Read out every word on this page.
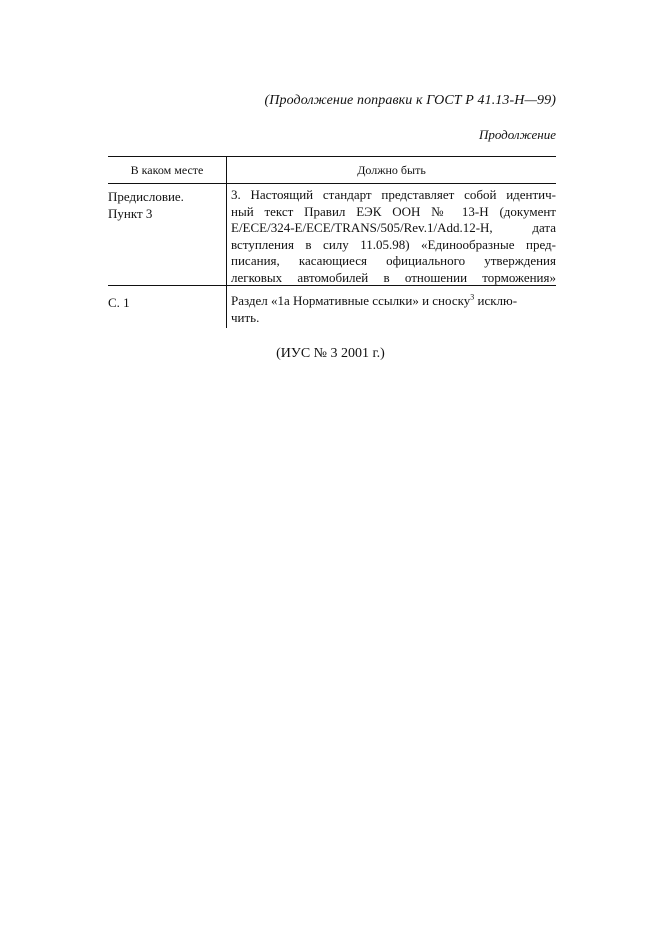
(Продолжение поправки к ГОСТ Р 41.13-Н—99)
Продолжение
В каком месте	Должно быть
Предисловие.
Пункт 3
3. Настоящий стандарт представляет собой идентич-
ный текст Правил ЕЭК ООН № 13-Н (документ
E/ECE/324-E/ECE/TRANS/505/Rev.1/Add.12-Н, дата
вступления в силу 11.05.98) «Единообразные пред-
писания, касающиеся официального утверждения
легковых автомобилей в отношении торможения»
С. 1	Раздел «1а Нормативные ссылки» и сноску$^3$ исклю-
чить.
(ИУС № 3 2001 г.)
